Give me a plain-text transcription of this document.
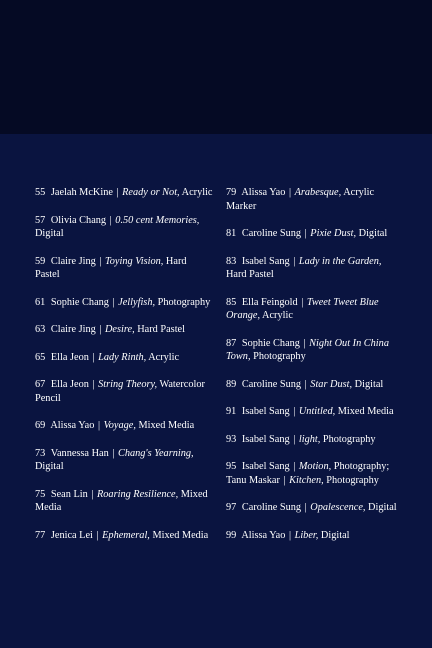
55 Jaelah McKine | Ready or Not, Acrylic
57 Olivia Chang | 0.50 cent Memories, Digital
59 Claire Jing | Toying Vision, Hard Pastel
61 Sophie Chang | Jellyfish, Photography
63 Claire Jing | Desire, Hard Pastel
65 Ella Jeon | Lady Rinth, Acrylic
67 Ella Jeon | String Theory, Watercolor Pencil
69 Alissa Yao | Voyage, Mixed Media
73 Vannessa Han | Chang's Yearning, Digital
75 Sean Lin | Roaring Resilience, Mixed Media
77 Jenica Lei | Ephemeral, Mixed Media
79 Alissa Yao | Arabesque, Acrylic Marker
81 Caroline Sung | Pixie Dust, Digital
83 Isabel Sang | Lady in the Garden, Hard Pastel
85 Ella Feingold | Tweet Tweet Blue Orange, Acrylic
87 Sophie Chang | Night Out In China Town, Photography
89 Caroline Sung | Star Dust, Digital
91 Isabel Sang | Untitled, Mixed Media
93 Isabel Sang | light, Photography
95 Isabel Sang | Motion, Photography; Tanu Maskar | Kitchen, Photography
97 Caroline Sung | Opalescence, Digital
99 Alissa Yao | Liber, Digital
